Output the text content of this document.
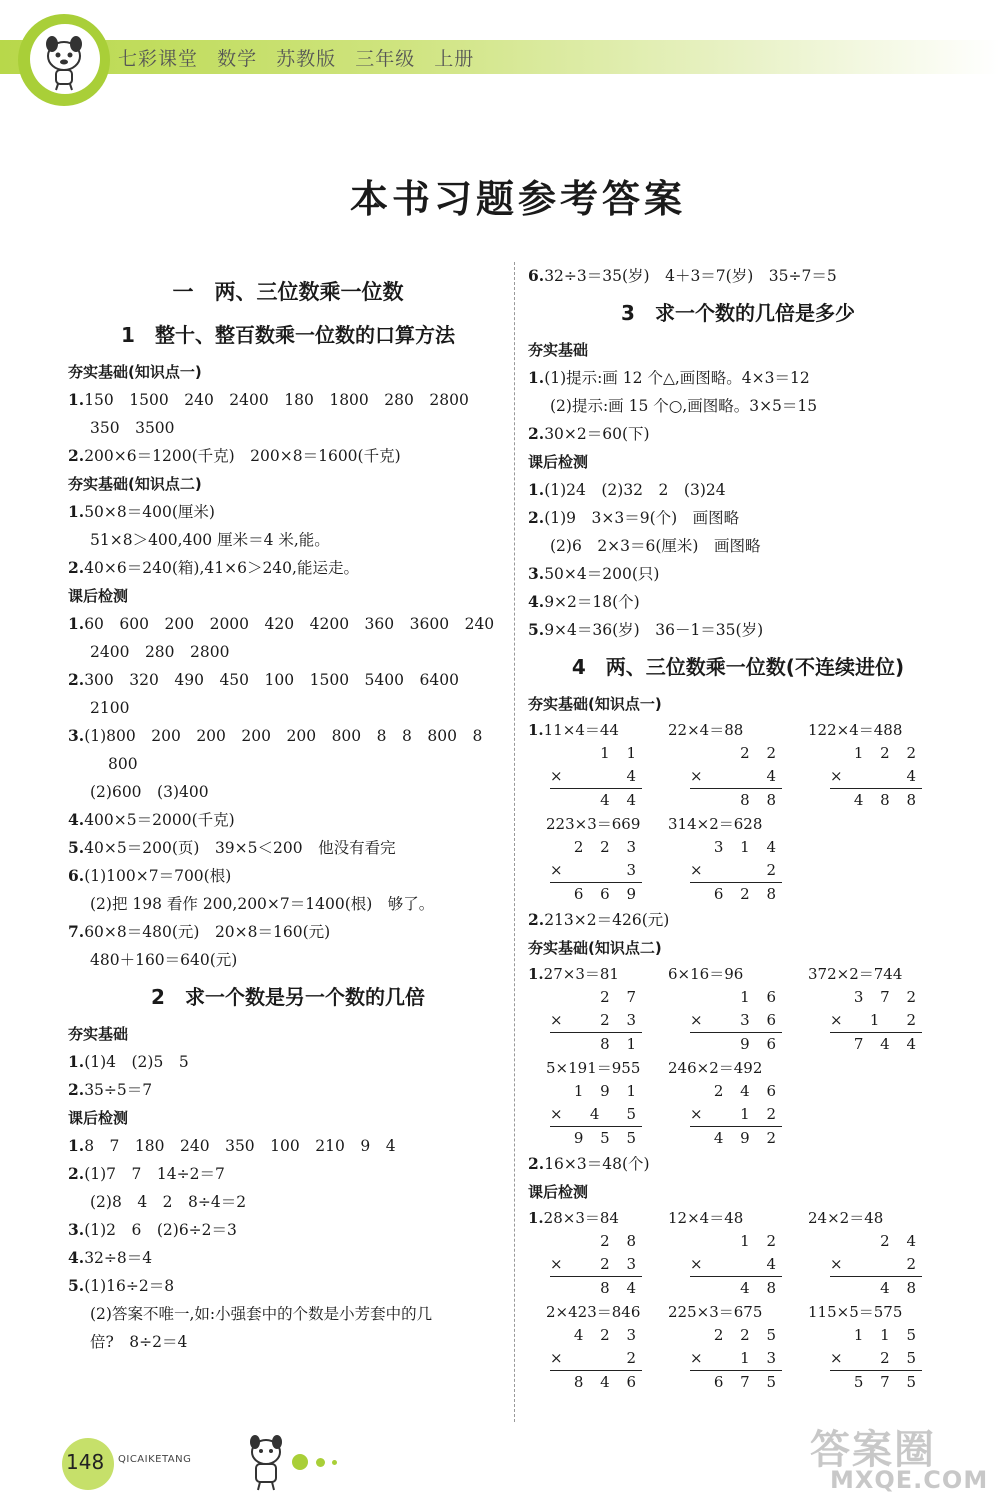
七彩课堂 数学 苏教版 三年级 上册
本书习题参考答案
一　两、三位数乘一位数
1　整十、整百数乘一位数的口算方法
夯实基础(知识点一)
1.150　1500　240　2400　180　1800　280　2800
350　3500
2.200×6＝1200(千克)　200×8＝1600(千克)
夯实基础(知识点二)
1.50×8＝400(厘米)
51×8＞400,400 厘米＝4 米,能。
2.40×6＝240(箱),41×6＞240,能运走。
课后检测
1.60　600　200　2000　420　4200　360　3600　240
2400　280　2800
2.300　320　490　450　100　1500　5400　6400
2100
3.(1)800　200　200　200　200　800　8　8　800　8
800
(2)600　(3)400
4.400×5＝2000(千克)
5.40×5＝200(页)　39×5＜200　他没有看完
6.(1)100×7＝700(根)
(2)把 198 看作 200,200×7＝1400(根)　够了。
7.60×8＝480(元)　20×8＝160(元)
480＋160＝640(元)
2　求一个数是另一个数的几倍
夯实基础
1.(1)4　(2)5　5
2.35÷5＝7
课后检测
1.8　7　180　240　350　100　210　9　4
2.(1)7　7　14÷2＝7
(2)8　4　2　8÷4＝2
3.(1)2　6　(2)6÷2＝3
4.32÷8＝4
5.(1)16÷2＝8
(2)答案不唯一,如:小强套中的个数是小芳套中的几
倍?　8÷2＝4
6.32÷3＝35(岁)　4＋3＝7(岁)　35÷7＝5
3　求一个数的几倍是多少
夯实基础
1.(1)提示:画 12 个△,画图略。4×3＝12
(2)提示:画 15 个○,画图略。3×5＝15
2.30×2＝60(下)
课后检测
1.(1)24　(2)32　2　(3)24
2.(1)9　3×3＝9(个)　画图略
(2)6　2×3＝6(厘米)　画图略
3.50×4＝200(只)
4.9×2＝18(个)
5.9×4＝36(岁)　36－1＝35(岁)
4　两、三位数乘一位数(不连续进位)
夯实基础(知识点一)
1.11×4＝44
1 1
×	4
4 4
22×4＝88
2 2
×	4
8 8
122×4＝488
1 2 2
×	4
4 8 8
223×3＝669
2 2 3
×	3
6 6 9
314×2＝628
3 1 4
×	2
6 2 8
2.213×2＝426(元)
夯实基础(知识点二)
1.27×3＝81
2 7
×	2 3
8 1
6×16＝96
1 6
×	3 6
9 6
372×2＝744
3 7 2
× 1　2
7 4 4
5×191＝955
1 9 1
× 4　5
9 5 5
246×2＝492
2 4 6
×	1 2
4 9 2
2.16×3＝48(个)
课后检测
1.28×3＝84
2 8
×	2 3
8 4
12×4＝48
1 2
×	4
4 8
24×2＝48
2 4
×	2
4 8
2×423＝846
4 2 3
×	2
8 4 6
225×3＝675
2 2 5
×	1 3
6 7 5
115×5＝575
1 1 5
×	2 5
5 7 5
148 QICAIKETANG	答案圈
MXQE.COM
